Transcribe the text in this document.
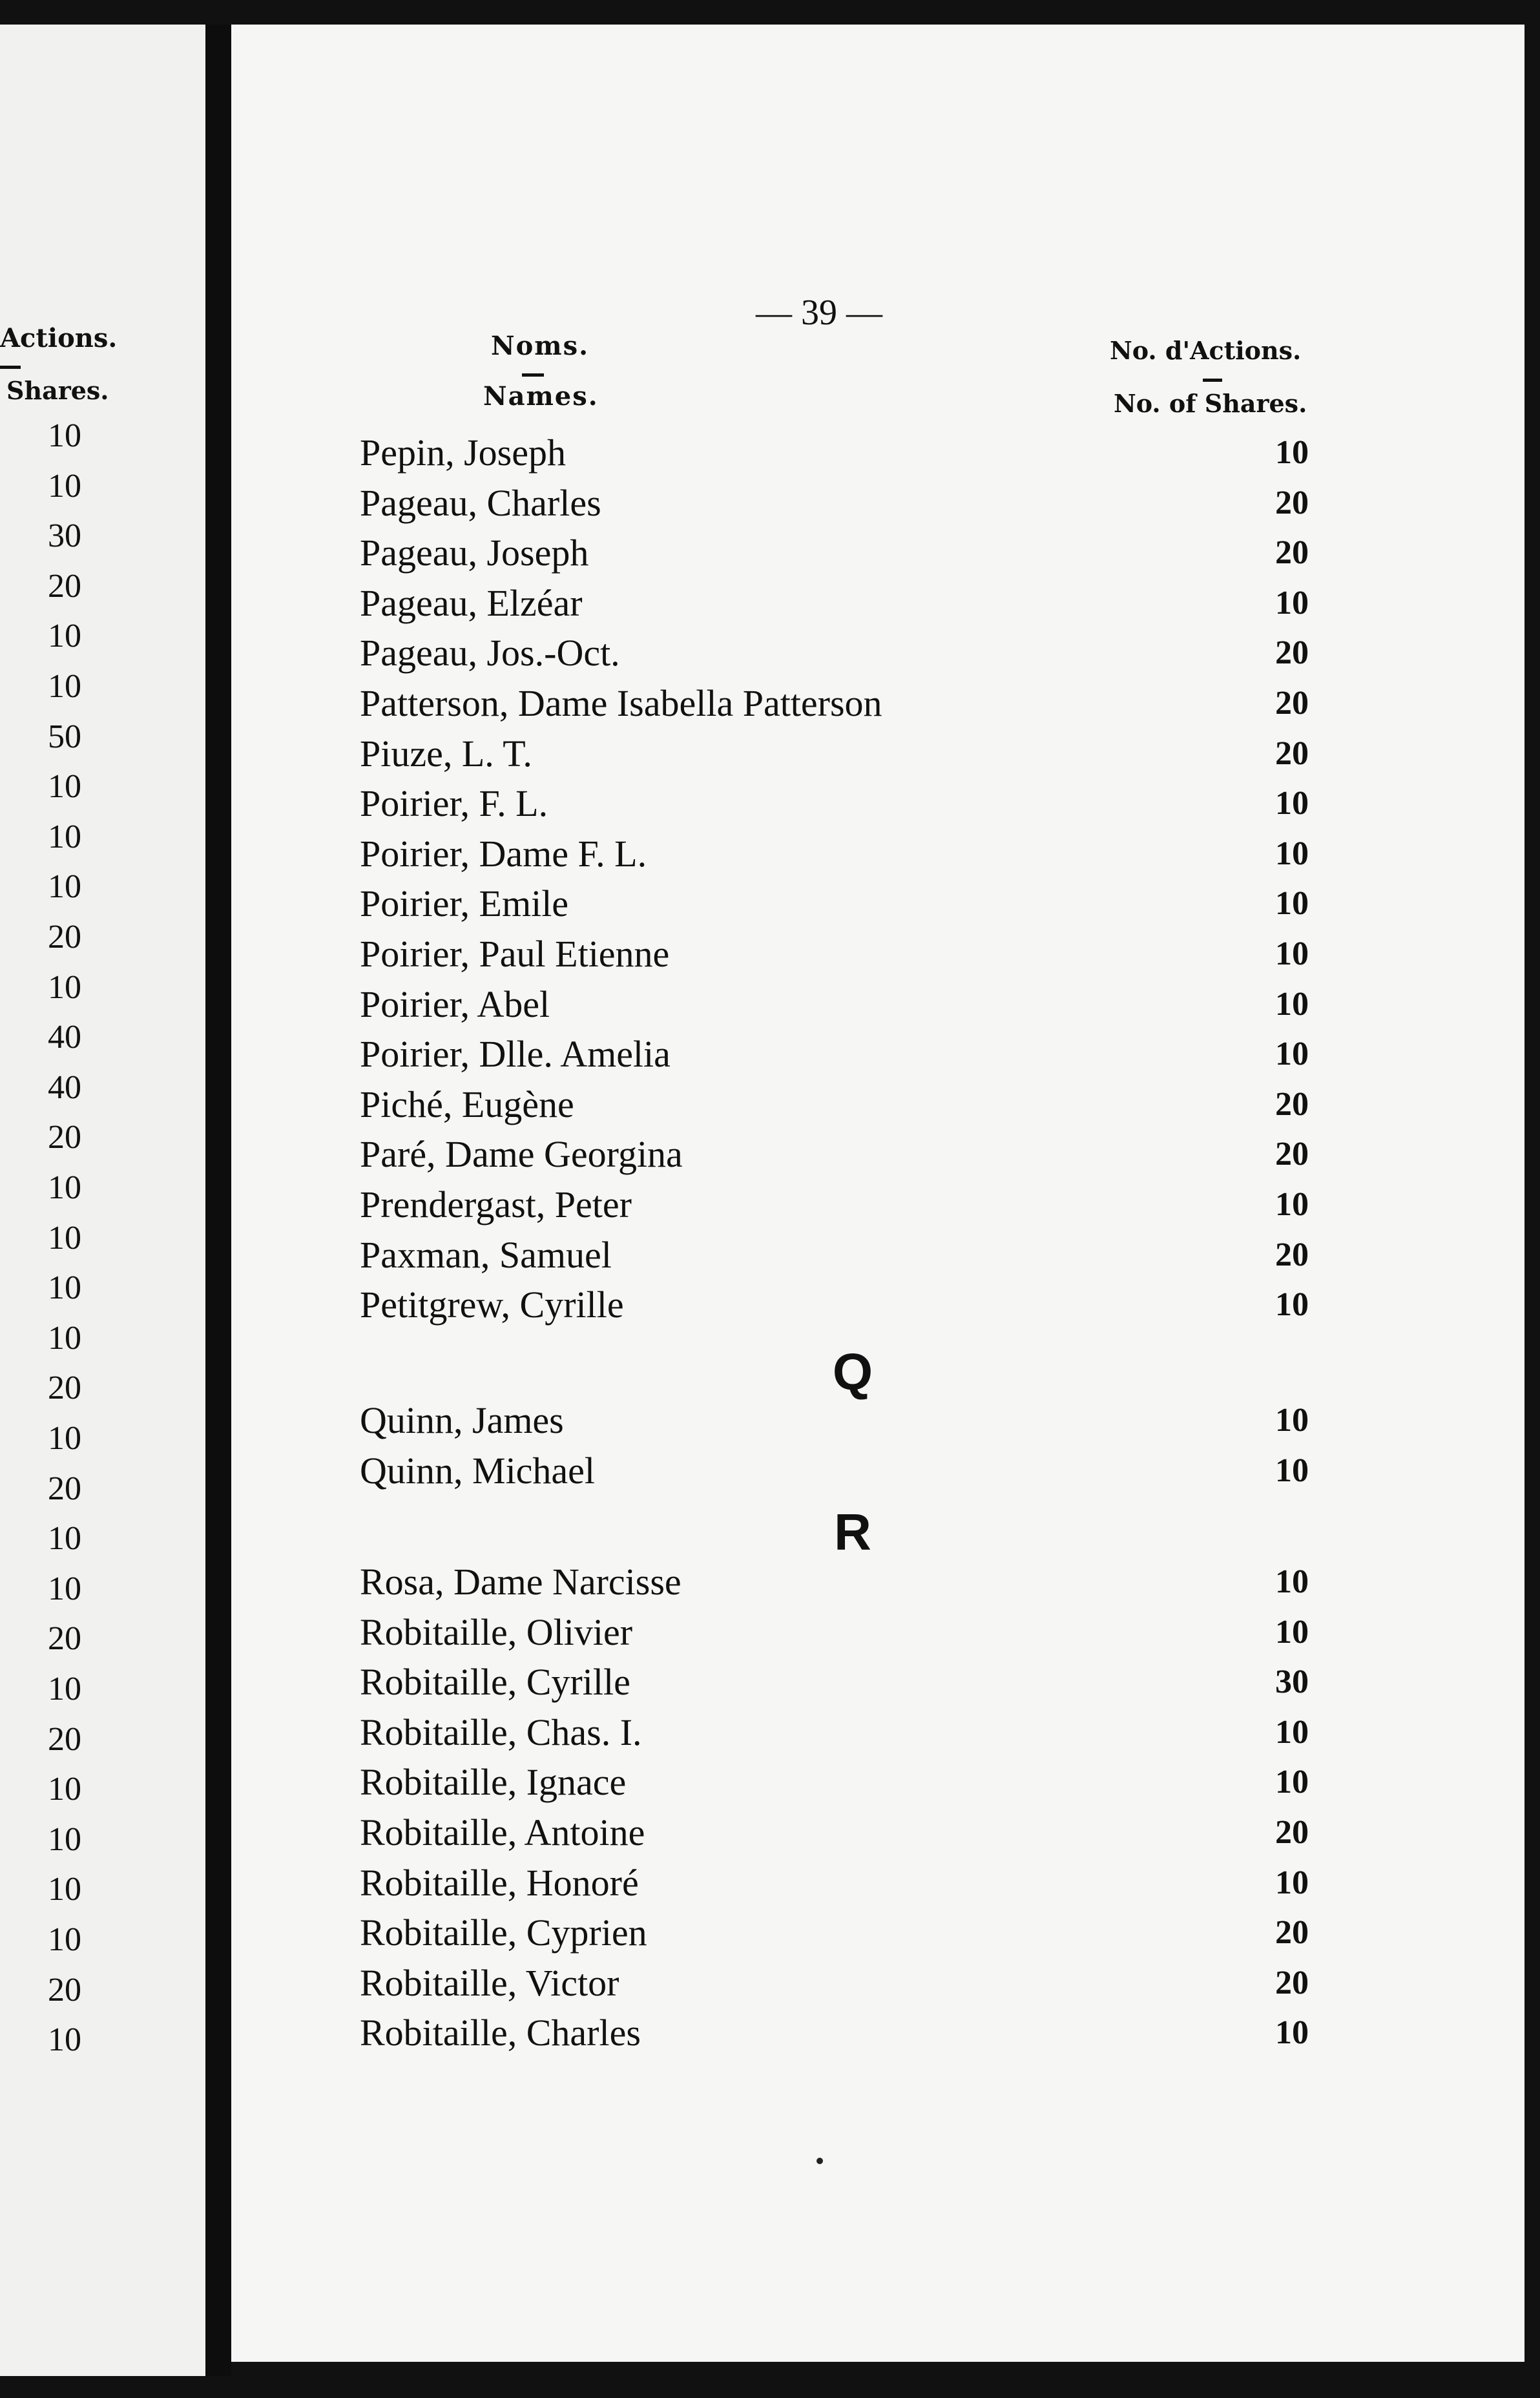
Actions.
Shares.
10
10
30
20
10
10
50
10
10
10
20
10
40
40
20
10
10
10
10
20
10
20
10
10
20
10
20
10
10
10
10
20
10
— 39 —
Noms.
Names.
No. d'Actions.
No. of Shares.
Pepin, Joseph	10
Pageau, Charles	20
Pageau, Joseph	20
Pageau, Elzéar	10
Pageau, Jos.-Oct.	20
Patterson, Dame Isabella Patterson	20
Piuze, L. T.	20
Poirier, F. L.	10
Poirier, Dame F. L.	10
Poirier, Emile	10
Poirier, Paul Etienne	10
Poirier, Abel	10
Poirier, Dlle. Amelia	10
Piché, Eugène	20
Paré, Dame Georgina	20
Prendergast, Peter	10
Paxman, Samuel	20
Petitgrew, Cyrille	10
Q
Quinn, James	10
Quinn, Michael	10
R
Rosa, Dame Narcisse	10
Robitaille, Olivier	10
Robitaille, Cyrille	30
Robitaille, Chas. I.	10
Robitaille, Ignace	10
Robitaille, Antoine	20
Robitaille, Honoré	10
Robitaille, Cyprien	20
Robitaille, Victor	20
Robitaille, Charles	10
